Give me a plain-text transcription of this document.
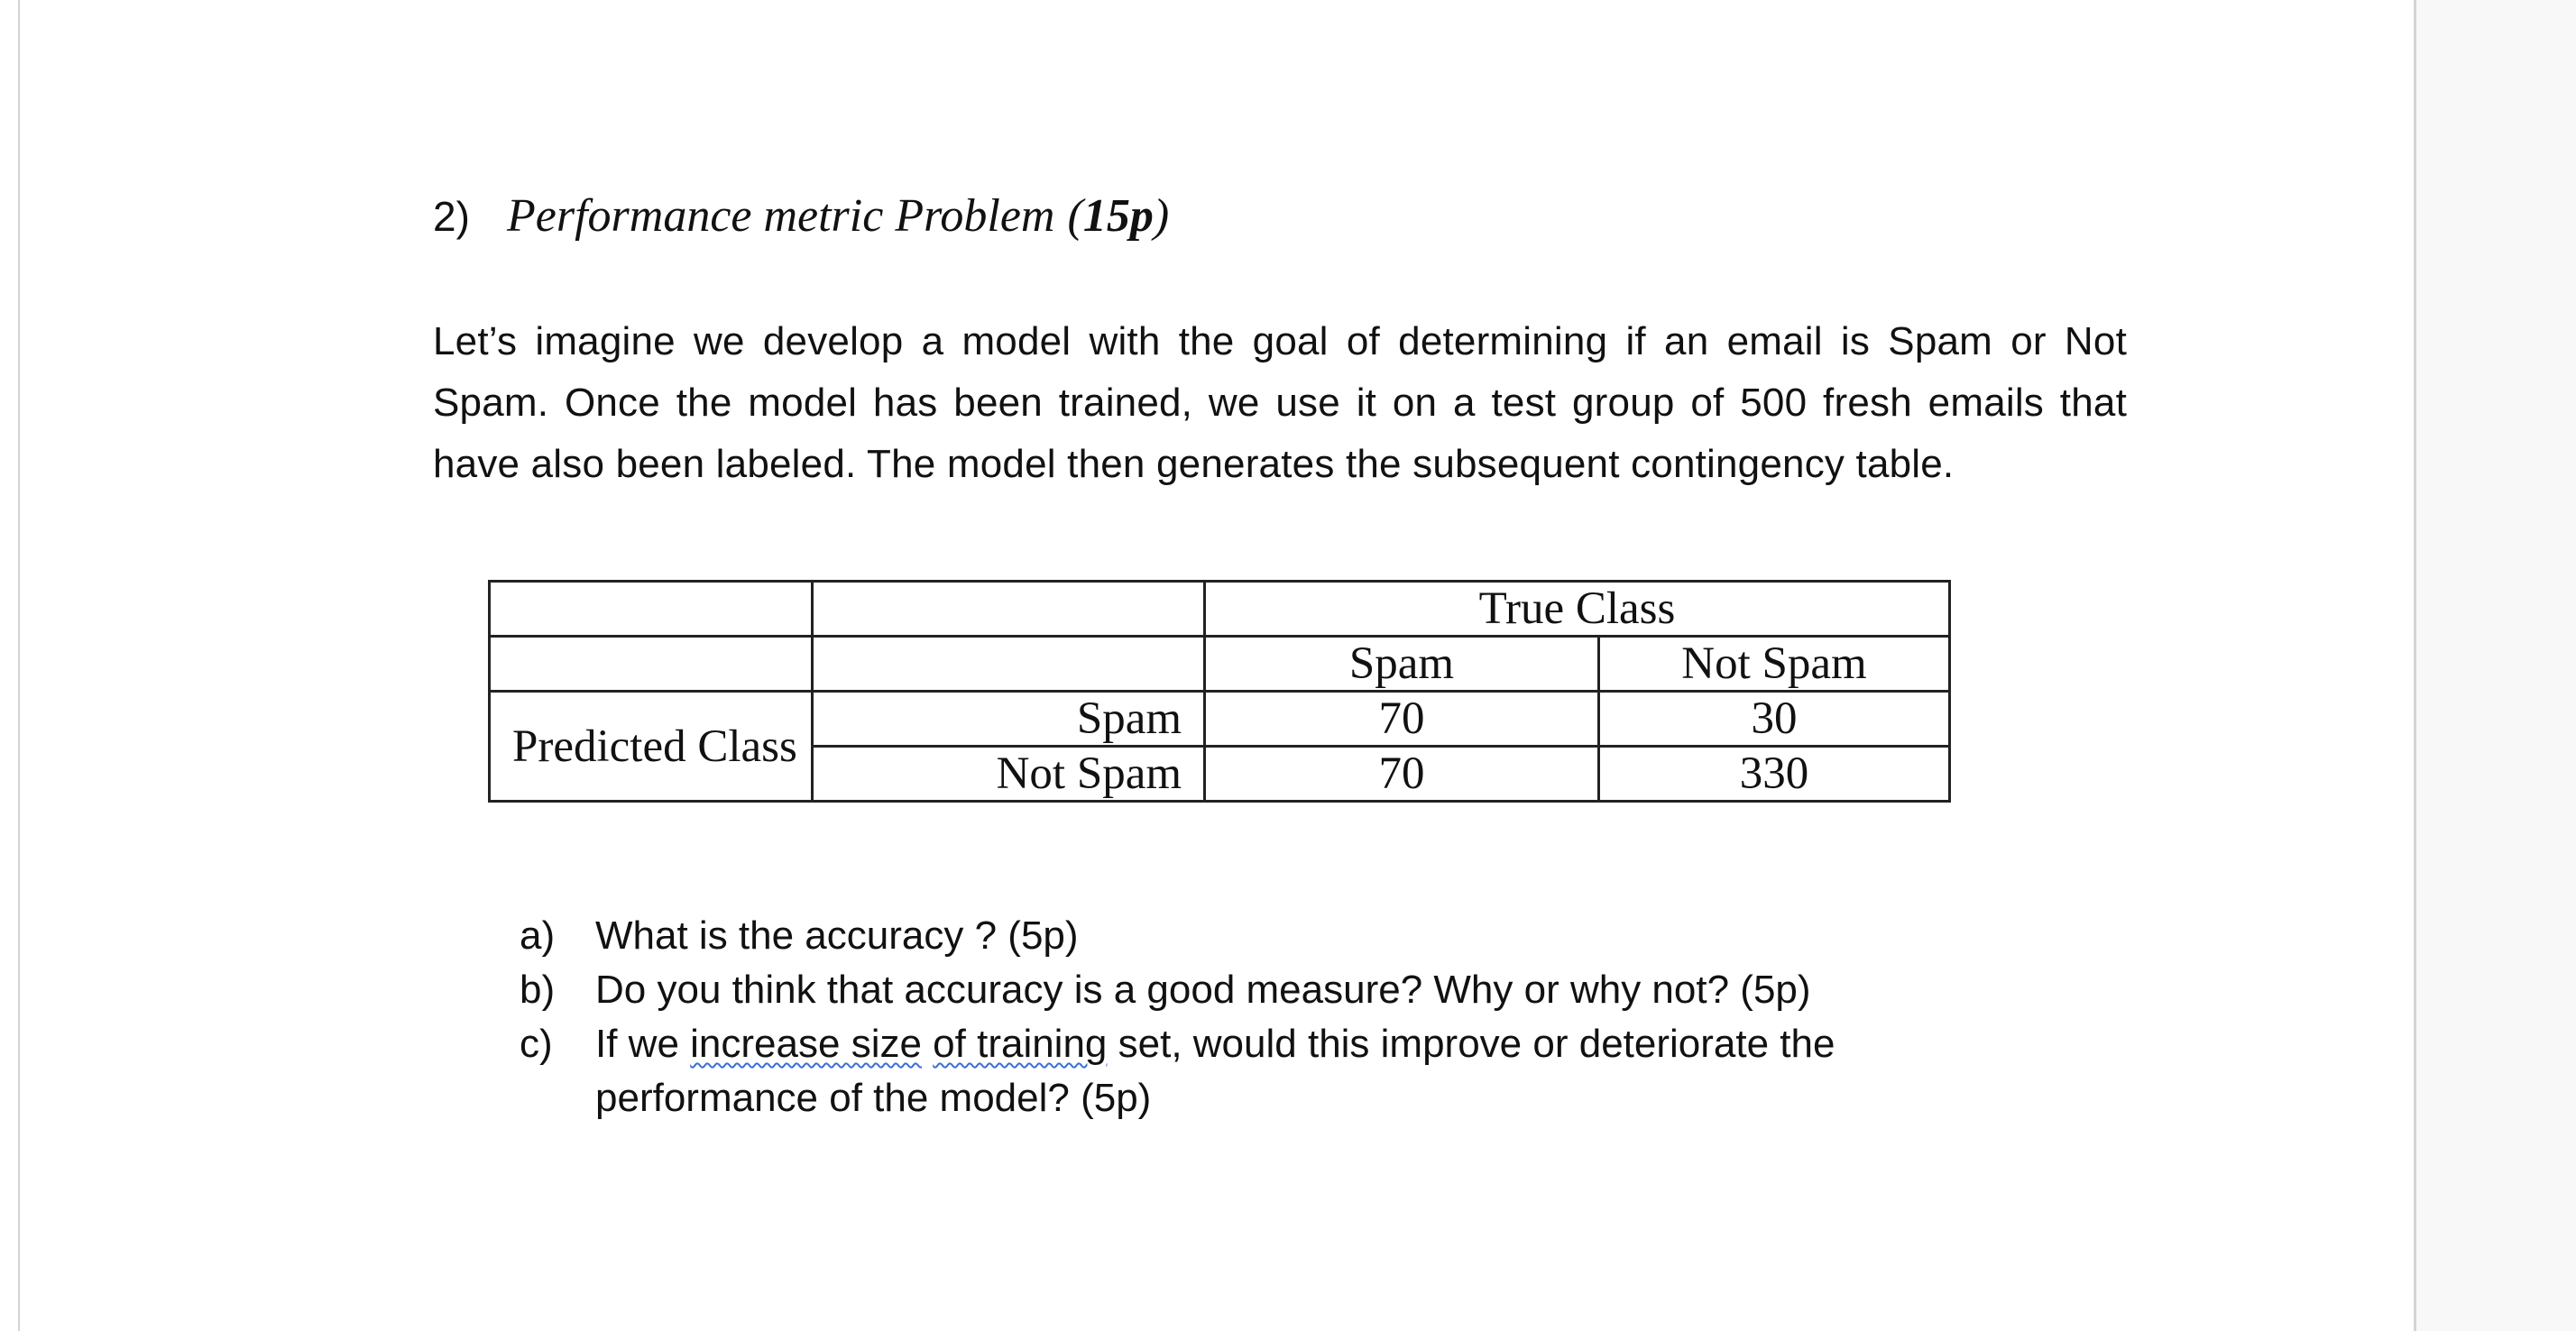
2) Performance metric Problem (15p)
Let’s imagine we develop a model with the goal of determining if an email is Spam or Not Spam. Once the model has been trained, we use it on a test group of 500 fresh emails that have also been labeled. The model then generates the subsequent contingency table.
		True Class	
		Spam	Not Spam
Predicted Class	Spam	70	30
	Not Spam	70	330
a)	What is the accuracy ? (5p)
b)	Do you think that accuracy is a good measure? Why or why not? (5p)
c)	If we increase size of training set, would this improve or deteriorate the performance of the model? (5p)
